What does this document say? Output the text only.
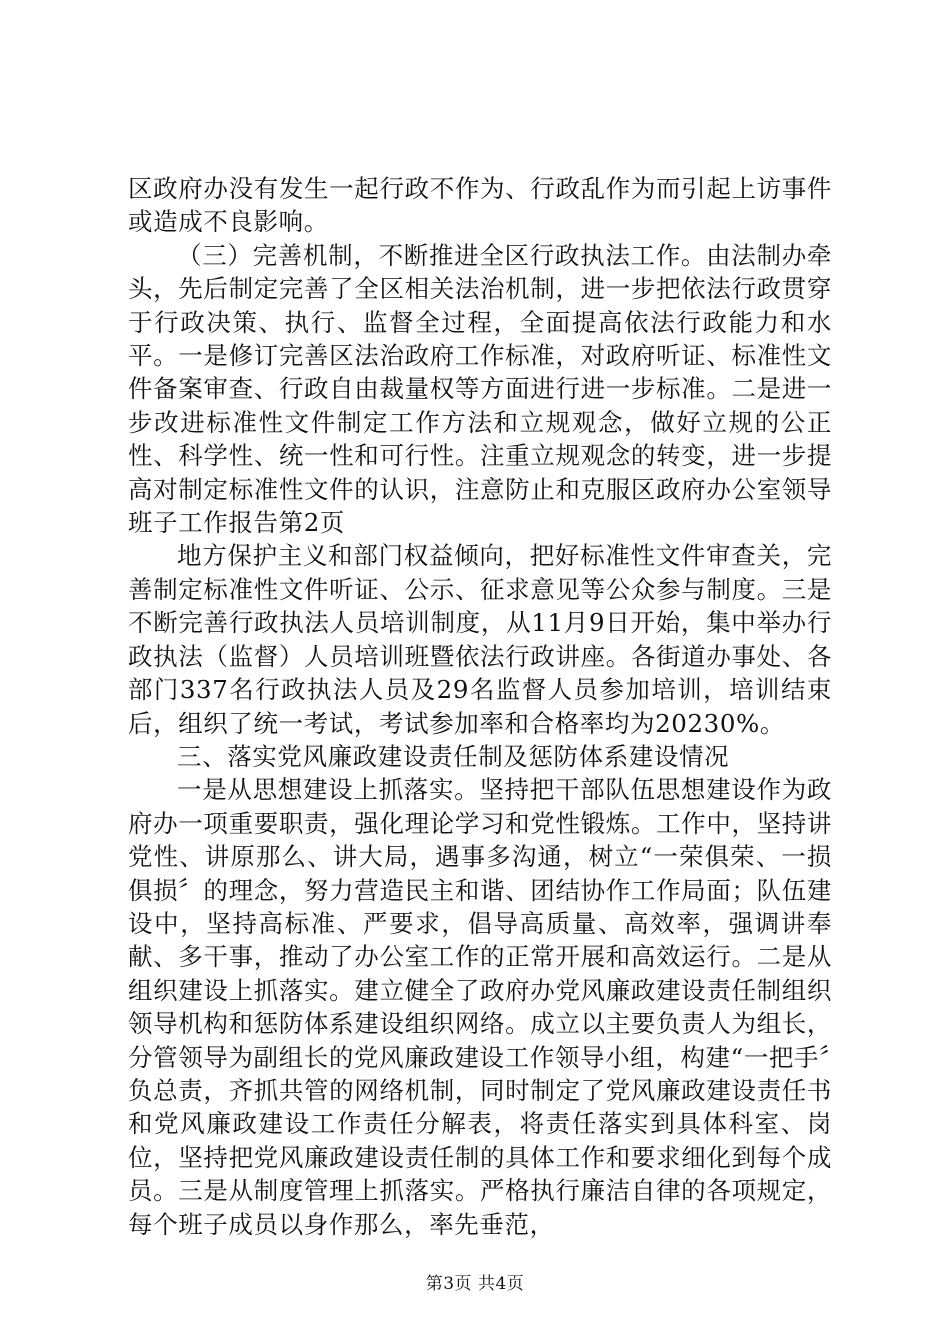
区政府办没有发生一起行政不作为、行政乱作为而引起上访事件或造成不良影响。

（三）完善机制，不断推进全区行政执法工作。由法制办牵头，先后制定完善了全区相关法治机制，进一步把依法行政贯穿于行政决策、执行、监督全过程，全面提高依法行政能力和水平。一是修订完善区法治政府工作标准，对政府听证、标准性文件备案审查、行政自由裁量权等方面进行进一步标准。二是进一步改进标准性文件制定工作方法和立规观念，做好立规的公正性、科学性、统一性和可行性。注重立规观念的转变，进一步提高对制定标准性文件的认识，注意防止和克服区政府办公室领导班子工作报告第2页

地方保护主义和部门权益倾向，把好标准性文件审查关，完善制定标准性文件听证、公示、征求意见等公众参与制度。三是不断完善行政执法人员培训制度，从11月9日开始，集中举办行政执法（监督）人员培训班暨依法行政讲座。各街道办事处、各部门337名行政执法人员及29名监督人员参加培训，培训结束后，组织了统一考试，考试参加率和合格率均为20230%。

三、落实党风廉政建设责任制及惩防体系建设情况

一是从思想建设上抓落实。坚持把干部队伍思想建设作为政府办一项重要职责，强化理论学习和党性锻炼。工作中，坚持讲党性、讲原那么、讲大局，遇事多沟通，树立“一荣俱荣、一损俱损〞的理念，努力营造民主和谐、团结协作工作局面；队伍建设中，坚持高标准、严要求，倡导高质量、高效率，强调讲奉献、多干事，推动了办公室工作的正常开展和高效运行。二是从组织建设上抓落实。建立健全了政府办党风廉政建设责任制组织领导机构和惩防体系建设组织网络。成立以主要负责人为组长，分管领导为副组长的党风廉政建设工作领导小组，构建“一把手〞负总责，齐抓共管的网络机制，同时制定了党风廉政建设责任书和党风廉政建设工作责任分解表，将责任落实到具体科室、岗位，坚持把党风廉政建设责任制的具体工作和要求细化到每个成员。三是从制度管理上抓落实。严格执行廉洁自律的各项规定，每个班子成员以身作那么，率先垂范，

第3页 共4页
